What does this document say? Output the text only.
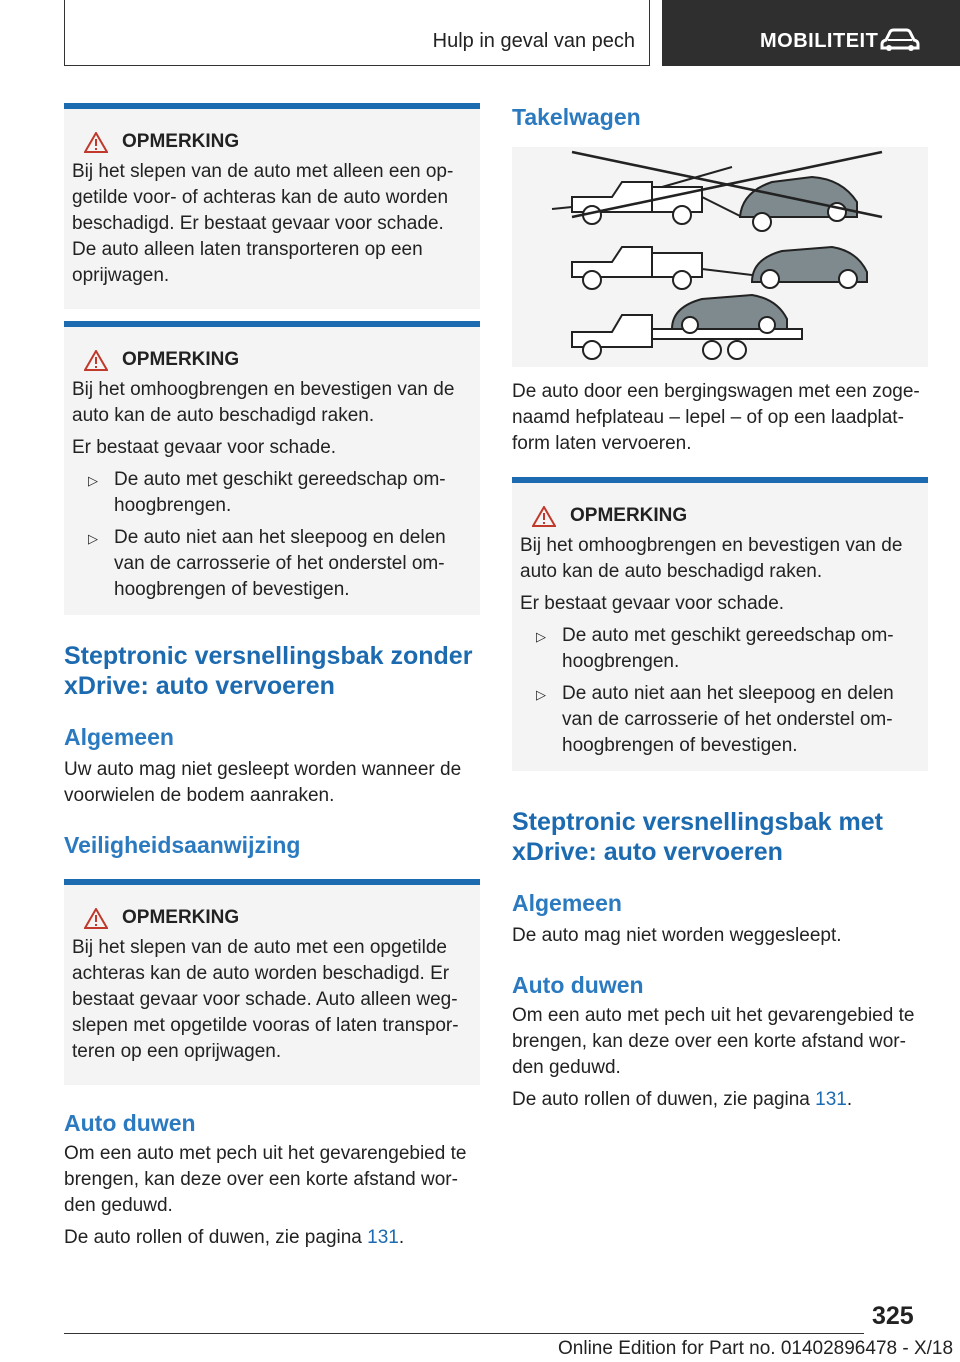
Hulp in geval van pech	MOBILITEIT
OPMERKING

Bij het slepen van de auto met alleen een opgetilde voor- of achteras kan de auto worden beschadigd. Er bestaat gevaar voor schade. De auto alleen laten transporteren op een oprijwagen.

OPMERKING

Bij het omhoogbrengen en bevestigen van de auto kan de auto beschadigd raken.

Er bestaat gevaar voor schade.

▷ De auto met geschikt gereedschap omhoogbrengen.
▷ De auto niet aan het sleepoog en delen van de carrosserie of het onderstel omhoogbrengen of bevestigen.
Steptronic versnellingsbak zonder xDrive: auto vervoeren
Algemeen

Uw auto mag niet gesleept worden wanneer de voorwielen de bodem aanraken.

Veiligheidsaanwijzing
OPMERKING

Bij het slepen van de auto met een opgetilde achteras kan de auto worden beschadigd. Er bestaat gevaar voor schade. Auto alleen wegslepen met opgetilde vooras of laten transporteren op een oprijwagen.

Auto duwen

Om een auto met pech uit het gevarengebied te brengen, kan deze over een korte afstand worden geduwd.

De auto rollen of duwen, zie pagina 131.

Takelwagen

De auto door een bergingswagen met een zogenaamd hefplateau – lepel – of op een laadplatform laten vervoeren.

OPMERKING

Bij het omhoogbrengen en bevestigen van de auto kan de auto beschadigd raken.

Er bestaat gevaar voor schade.

▷ De auto met geschikt gereedschap omhoogbrengen.
▷ De auto niet aan het sleepoog en delen van de carrosserie of het onderstel omhoogbrengen of bevestigen.
Steptronic versnellingsbak met xDrive: auto vervoeren
Algemeen

De auto mag niet worden weggesleept.

Auto duwen

Om een auto met pech uit het gevarengebied te brengen, kan deze over een korte afstand worden geduwd.

De auto rollen of duwen, zie pagina 131.

325
Online Edition for Part no. 01402896478 - X/18
